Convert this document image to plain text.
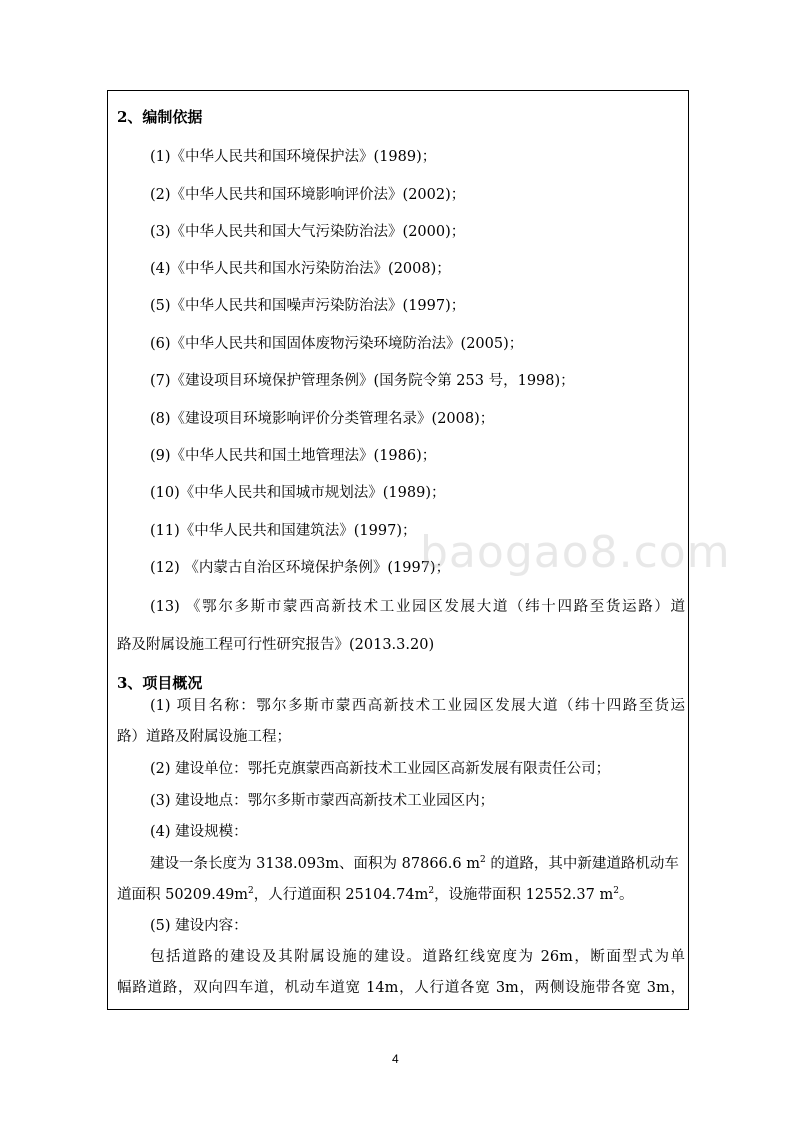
2、编制依据
(1)《中华人民共和国环境保护法》(1989)；
(2)《中华人民共和国环境影响评价法》(2002)；
(3)《中华人民共和国大气污染防治法》(2000)；
(4)《中华人民共和国水污染防治法》(2008)；
(5)《中华人民共和国噪声污染防治法》(1997)；
(6)《中华人民共和国固体废物污染环境防治法》(2005)；
(7)《建设项目环境保护管理条例》(国务院令第 253 号，1998)；
(8)《建设项目环境影响评价分类管理名录》(2008)；
(9)《中华人民共和国土地管理法》(1986)；
(10)《中华人民共和国城市规划法》(1989)；
(11)《中华人民共和国建筑法》(1997)；
(12) 《内蒙古自治区环境保护条例》(1997)；
(13) 《鄂尔多斯市蒙西高新技术工业园区发展大道（纬十四路至货运路）道
路及附属设施工程可行性研究报告》(2013.3.20)
3、项目概况
(1) 项目名称：鄂尔多斯市蒙西高新技术工业园区发展大道（纬十四路至货运
路）道路及附属设施工程；
(2) 建设单位：鄂托克旗蒙西高新技术工业园区高新发展有限责任公司；
(3) 建设地点：鄂尔多斯市蒙西高新技术工业园区内；
(4) 建设规模：
建设一条长度为 3138.093m、面积为 87866.6 $m^2$ 的道路，其中新建道路机动车
道面积 $50209.49m^2$，人行道面积 $25104.74m^2$，设施带面积 12552.37 $m^2$。
(5) 建设内容：
包括道路的建设及其附属设施的建设。道路红线宽度为 26m，断面型式为单
幅路道路，双向四车道，机动车道宽 14m，人行道各宽 3m，两侧设施带各宽 3m，
baogao8.com
4
